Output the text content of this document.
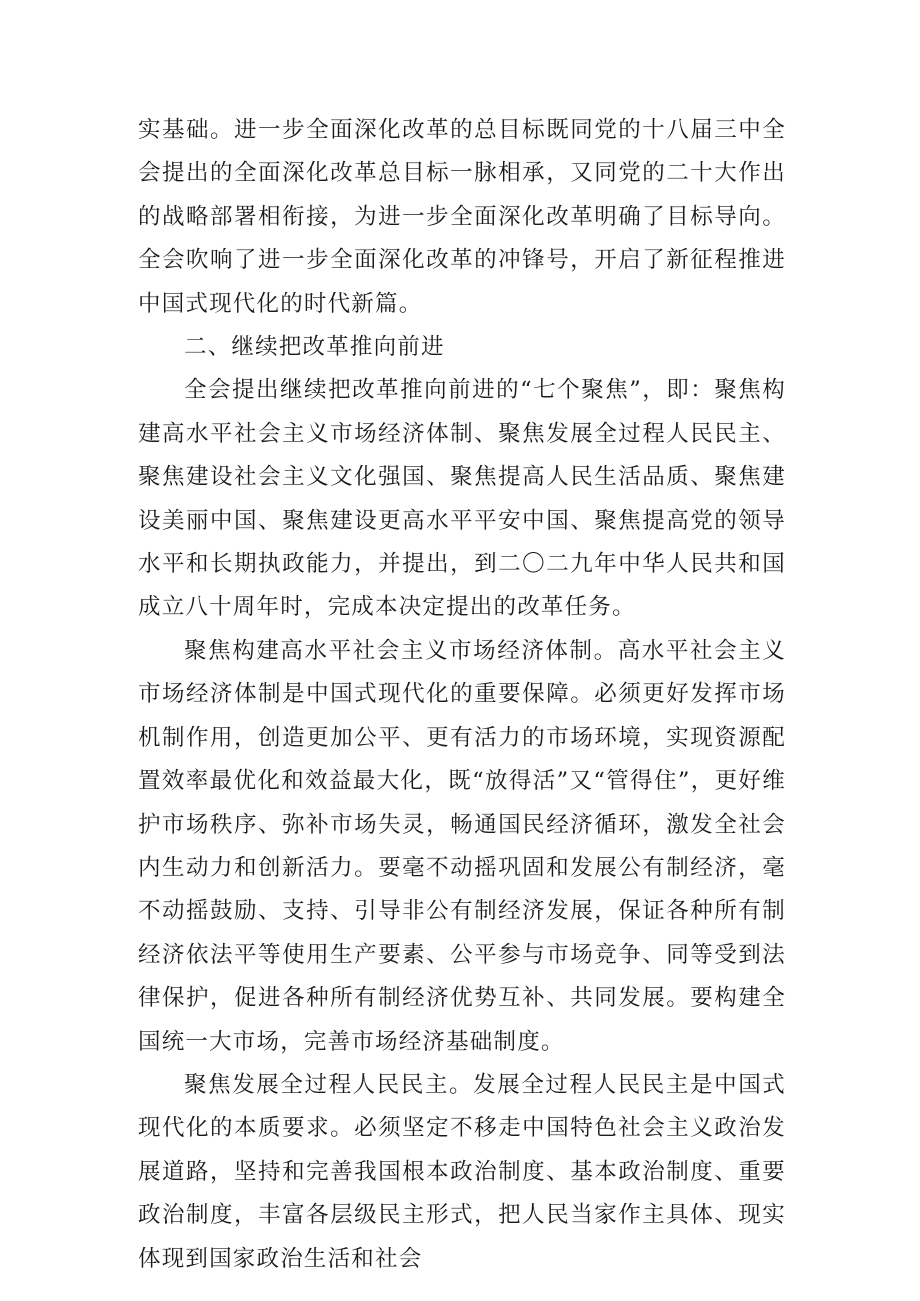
实基础。进一步全面深化改革的总目标既同党的十八届三中全会提出的全面深化改革总目标一脉相承，又同党的二十大作出的战略部署相衔接，为进一步全面深化改革明确了目标导向。全会吹响了进一步全面深化改革的冲锋号，开启了新征程推进中国式现代化的时代新篇。

二、继续把改革推向前进

全会提出继续把改革推向前进的“七个聚焦”，即：聚焦构建高水平社会主义市场经济体制、聚焦发展全过程人民民主、聚焦建设社会主义文化强国、聚焦提高人民生活品质、聚焦建设美丽中国、聚焦建设更高水平平安中国、聚焦提高党的领导水平和长期执政能力，并提出，到二〇二九年中华人民共和国成立八十周年时，完成本决定提出的改革任务。

聚焦构建高水平社会主义市场经济体制。高水平社会主义市场经济体制是中国式现代化的重要保障。必须更好发挥市场机制作用，创造更加公平、更有活力的市场环境，实现资源配置效率最优化和效益最大化，既“放得活”又“管得住”，更好维护市场秩序、弥补市场失灵，畅通国民经济循环，激发全社会内生动力和创新活力。要毫不动摇巩固和发展公有制经济，毫不动摇鼓励、支持、引导非公有制经济发展，保证各种所有制经济依法平等使用生产要素、公平参与市场竞争、同等受到法律保护，促进各种所有制经济优势互补、共同发展。要构建全国统一大市场，完善市场经济基础制度。

聚焦发展全过程人民民主。发展全过程人民民主是中国式现代化的本质要求。必须坚定不移走中国特色社会主义政治发展道路，坚持和完善我国根本政治制度、基本政治制度、重要政治制度，丰富各层级民主形式，把人民当家作主具体、现实体现到国家政治生活和社会
